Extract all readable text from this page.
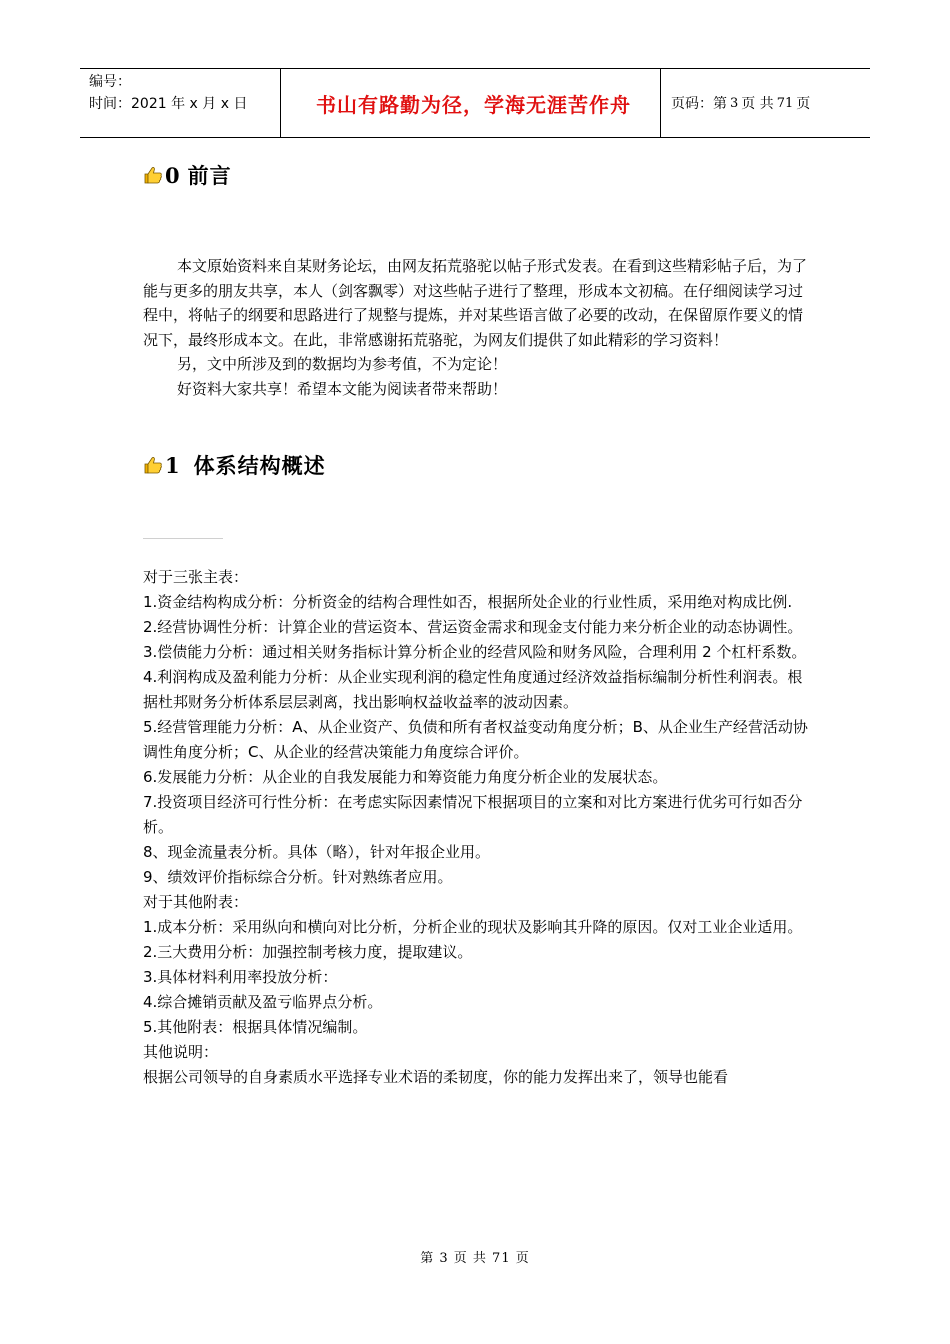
编号：
时间：2021 年 x 月 x 日	书山有路勤为径，学海无涯苦作舟	页码：第 3 页 共 71 页
0 前言

本文原始资料来自某财务论坛，由网友拓荒骆驼以帖子形式发表。在看到这些精彩帖子后，为了能与更多的朋友共享，本人（剑客飘零）对这些帖子进行了整理，形成本文初稿。在仔细阅读学习过程中，将帖子的纲要和思路进行了规整与提炼，并对某些语言做了必要的改动，在保留原作要义的情况下，最终形成本文。在此，非常感谢拓荒骆驼，为网友们提供了如此精彩的学习资料！

另，文中所涉及到的数据均为参考值，不为定论！

好资料大家共享！希望本文能为阅读者带来帮助！

1 体系结构概述

对于三张主表：

1.资金结构构成分析：分析资金的结构合理性如否，根据所处企业的行业性质，采用绝对构成比例.

2.经营协调性分析：计算企业的营运资本、营运资金需求和现金支付能力来分析企业的动态协调性。

3.偿债能力分析：通过相关财务指标计算分析企业的经营风险和财务风险，合理利用 2 个杠杆系数。

4.利润构成及盈利能力分析：从企业实现利润的稳定性角度通过经济效益指标编制分析性利润表。根据杜邦财务分析体系层层剥离，找出影响权益收益率的波动因素。

5.经营管理能力分析：A、从企业资产、负债和所有者权益变动角度分析；B、从企业生产经营活动协调性角度分析；C、从企业的经营决策能力角度综合评价。

6.发展能力分析：从企业的自我发展能力和筹资能力角度分析企业的发展状态。

7.投资项目经济可行性分析：在考虑实际因素情况下根据项目的立案和对比方案进行优劣可行如否分析。

8、现金流量表分析。具体（略），针对年报企业用。

9、绩效评价指标综合分析。针对熟练者应用。

对于其他附表：

1.成本分析：采用纵向和横向对比分析，分析企业的现状及影响其升降的原因。仅对工业企业适用。

2.三大费用分析：加强控制考核力度，提取建议。

3.具体材料利用率投放分析：

4.综合摊销贡献及盈亏临界点分析。

5.其他附表：根据具体情况编制。

其他说明：

根据公司领导的自身素质水平选择专业术语的柔韧度，你的能力发挥出来了，领导也能看

第 3 页 共 71 页
